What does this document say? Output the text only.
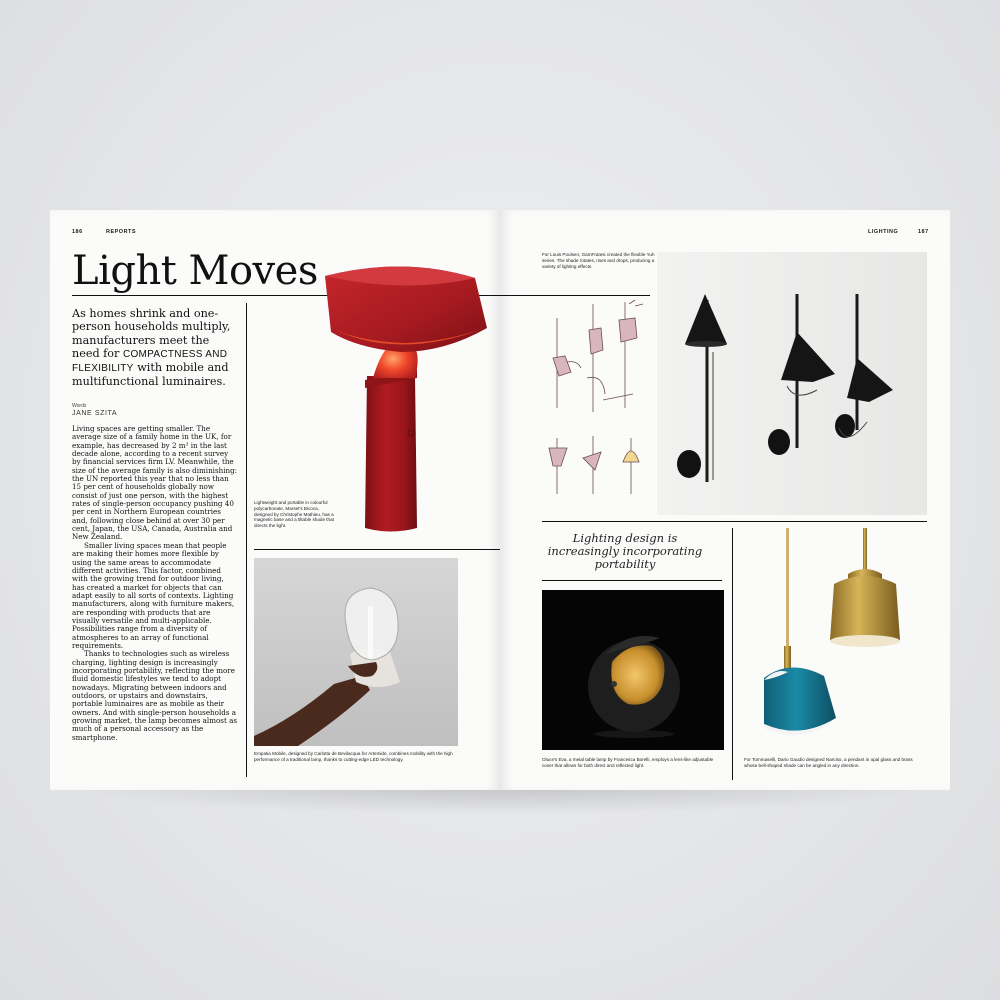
186	REPORTS
Light Moves
As homes shrink and one-person households multiply, manufacturers meet the need for COMPACTNESS AND FLEXIBILITY with mobile and multifunctional luminaires.
Words
JANE SZITA

Living spaces are getting smaller. The average size of a family home in the UK, for example, has decreased by 2 m² in the last decade alone, according to a recent survey by financial services firm LV. Meanwhile, the size of the average family is also diminishing: the UN reported this year that no less than 15 per cent of households globally now consist of just one person, with the highest rates of single-person occupancy pushing 40 per cent in Northern European countries and, following close behind at over 30 per cent, Japan, the USA, Canada, Australia and New Zealand.

Smaller living spaces mean that people are making their homes more flexible by using the same areas to accommodate different activities. This factor, combined with the growing trend for outdoor living, has created a market for objects that can adapt easily to all sorts of contexts. Lighting manufacturers, along with furniture makers, are responding with products that are visually versatile and multi-applicable. Possibilities range from a diversity of atmospheres to an array of functional requirements.

Thanks to technologies such as wireless charging, lighting design is increasingly incorporating portability, reflecting the more fluid domestic lifestyles we tend to adopt nowadays. Migrating between indoors and outdoors, or upstairs and downstairs, portable luminaires are as mobile as their owners. And with single-person households a growing market, the lamp becomes almost as much of a personal accessory as the smartphone.

Lightweight and portable in colourful polycarbonate, Marset's Bicoca, designed by Christophe Mathieu, has a magnetic base and a tiltable shade that directs the light.
Empatia Mobile, designed by Carlotta de Bevilacqua for Artemide, combines mobility with the high performance of a traditional lamp, thanks to cutting-edge LED technology.
LIGHTING	187
For Louis Poulsen, GamFratesi created the flexible Yuh series. The shade rotates, rises and drops, producing a variety of lighting effects.
Lighting design is increasingly incorporating portability
Oluce's Eva, a metal table lamp by Francesca Borelli, employs a lens-like adjustable cover that allows for both direct and reflected light.
For Tommaselli, Dario Gaudio designed Narciso, a pendant in opal glass and brass whose bell-shaped shade can be angled in any direction.
